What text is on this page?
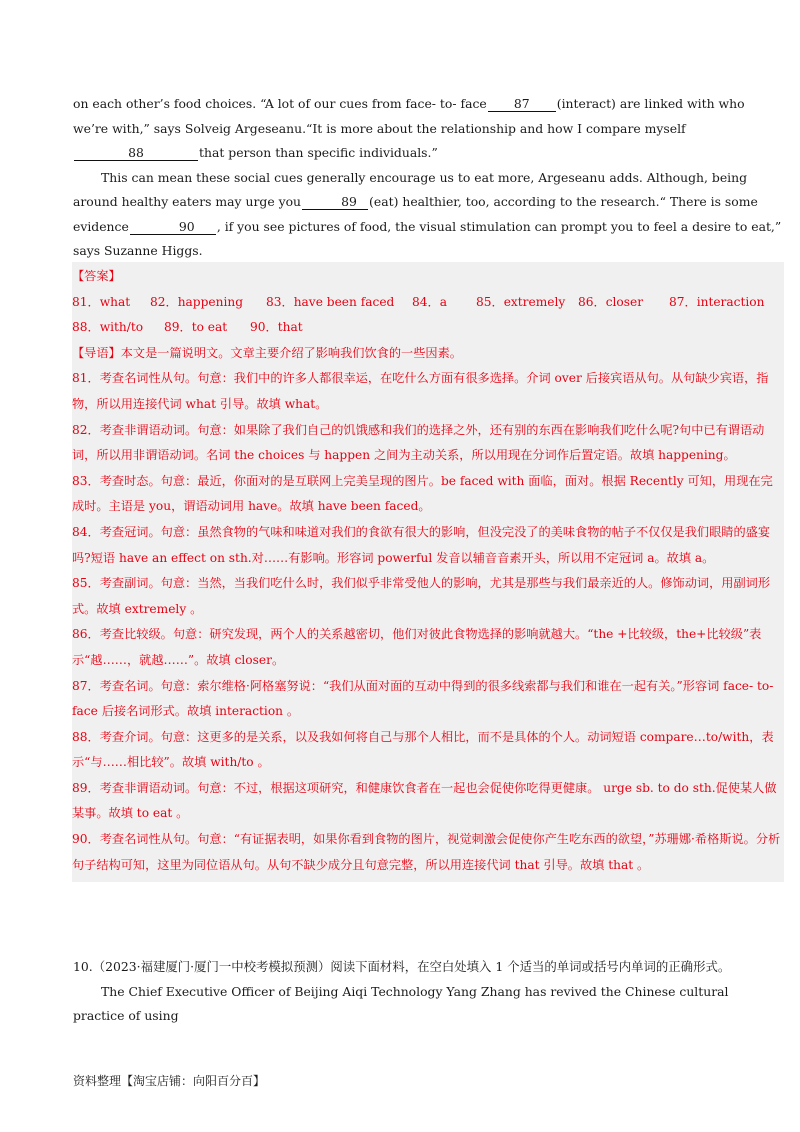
on each other’s food choices. “A lot of our cues from face- to- face 87 (interact) are linked with who we’re with,” says Solveig Argeseanu.“It is more about the relationship and how I compare myself88	that person than specific individuals.”

This can mean these social cues generally encourage us to eat more, Argeseanu adds. Although, being around healthy eaters may urge you	89 (eat) healthier, too, according to the research.“ There is some evidence	90 , if you see pictures of food, the visual stimulation can prompt you to feel a desire to eat,” says Suzanne Higgs.

【答案】

81．what	82．happening	83．have been faced	84．a	85．extremely	86．closer	87．interaction
88．with/to	89．to eat	90．that

【导语】本文是一篇说明文。文章主要介绍了影响我们饮食的一些因素。

81．考查名词性从句。句意：我们中的许多人都很幸运，在吃什么方面有很多选择。介词 over 后接宾语从句。从句缺少宾语，指物，所以用连接代词 what 引导。故填 what。

82．考查非谓语动词。句意：如果除了我们自己的饥饿感和我们的选择之外，还有别的东西在影响我们吃什么呢?句中已有谓语动词，所以用非谓语动词。名词 the choices 与 happen 之间为主动关系，所以用现在分词作后置定语。故填 happening。

83．考查时态。句意：最近，你面对的是互联网上完美呈现的图片。be faced with 面临，面对。根据 Recently 可知，用现在完成时。主语是 you，谓语动词用 have。故填 have been faced。

84．考查冠词。句意：虽然食物的气味和味道对我们的食欲有很大的影响，但没完没了的美味食物的帖子不仅仅是我们眼睛的盛宴吗?短语 have an effect on sth.对……有影响。形容词 powerful 发音以辅音音素开头，所以用不定冠词 a。故填 a。

85．考查副词。句意：当然，当我们吃什么时，我们似乎非常受他人的影响，尤其是那些与我们最亲近的人。修饰动词，用副词形式。故填 extremely 。

86．考查比较级。句意：研究发现，两个人的关系越密切，他们对彼此食物选择的影响就越大。“the +比较级，the+比较级”表示“越……，就越……”。故填 closer。

87．考查名词。句意：索尔维格·阿格塞努说：“我们从面对面的互动中得到的很多线索都与我们和谁在一起有关。”形容词 face- to- face 后接名词形式。故填 interaction 。

88．考查介词。句意：这更多的是关系，以及我如何将自己与那个人相比，而不是具体的个人。动词短语 compare…to/with，表示“与……相比较”。故填 with/to 。

89．考查非谓语动词。句意：不过，根据这项研究，和健康饮食者在一起也会促使你吃得更健康。 urge sb. to do sth.促使某人做某事。故填 to eat 。

90．考查名词性从句。句意：“有证据表明，如果你看到食物的图片，视觉刺激会促使你产生吃东西的欲望，”苏珊娜·希格斯说。分析句子结构可知，这里为同位语从句。从句不缺少成分且句意完整，所以用连接代词 that 引导。故填 that 。

10.（2023·福建厦门·厦门一中校考模拟预测）阅读下面材料，在空白处填入 1 个适当的单词或括号内单词的正确形式。

The Chief Executive Officer of Beijing Aiqi Technology Yang Zhang has revived the Chinese cultural practice of using

资料整理【淘宝店铺：向阳百分百】
